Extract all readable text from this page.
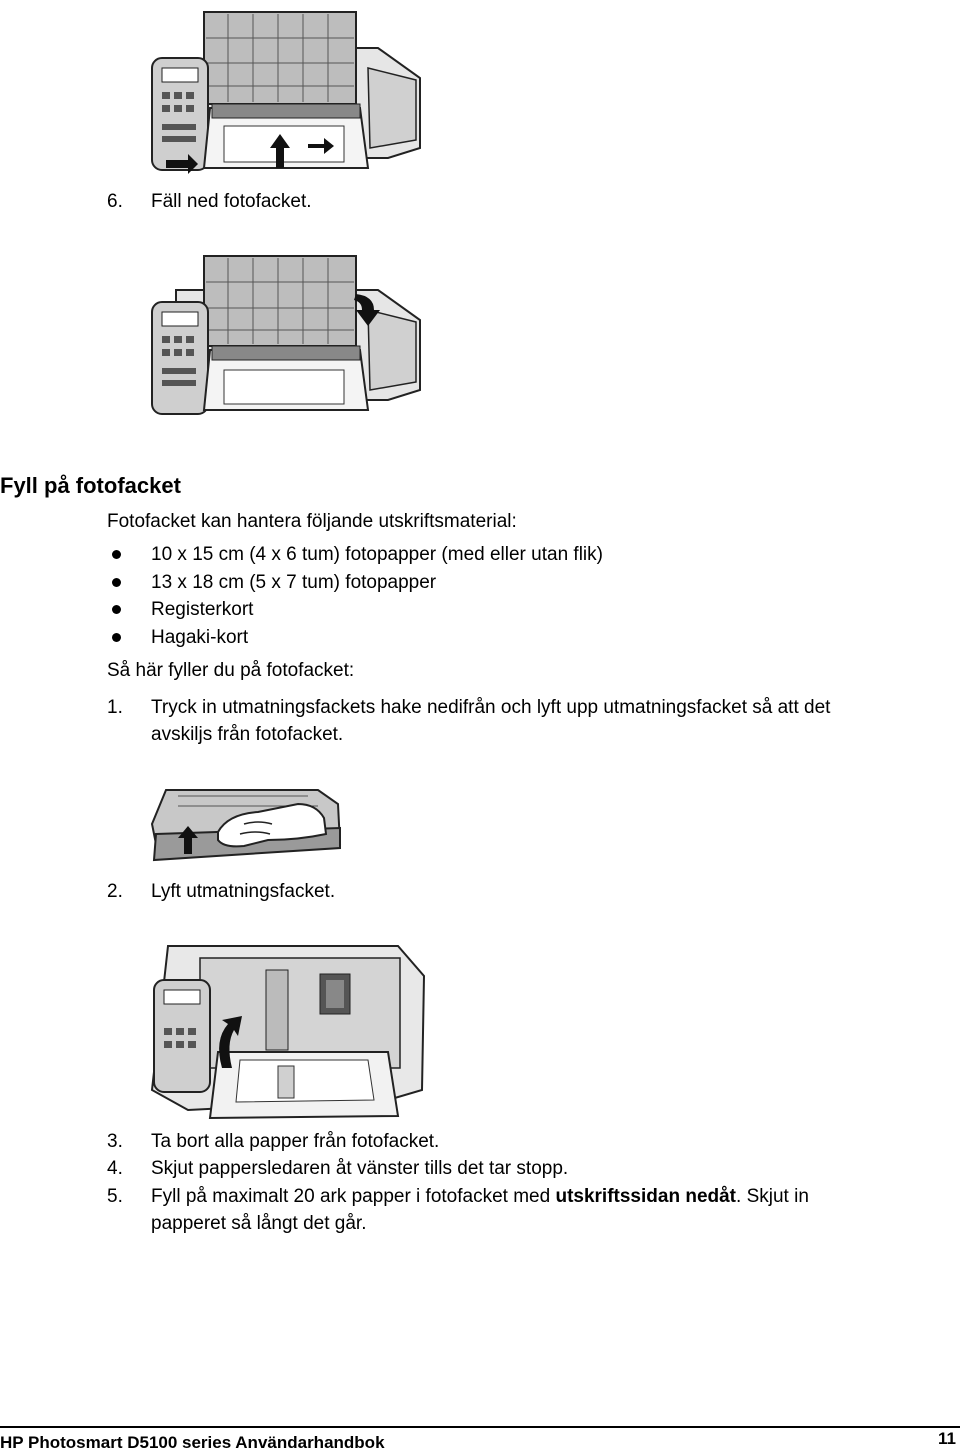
6. Fäll ned fotofacket.
Fyll på fotofacket
Fotofacket kan hantera följande utskriftsmaterial:
10 x 15 cm (4 x 6 tum) fotopapper (med eller utan flik)
13 x 18 cm (5 x 7 tum) fotopapper
Registerkort
Hagaki-kort
Så här fyller du på fotofacket:
1. Tryck in utmatningsfackets hake nedifrån och lyft upp utmatningsfacket så att det
avskiljs från fotofacket.
2. Lyft utmatningsfacket.
3. Ta bort alla papper från fotofacket.
4. Skjut pappersledaren åt vänster tills det tar stopp.
5. Fyll på maximalt 20 ark papper i fotofacket med utskriftssidan nedåt. Skjut in
papperet så långt det går.
HP Photosmart D5100 series Användarhandbok	11
